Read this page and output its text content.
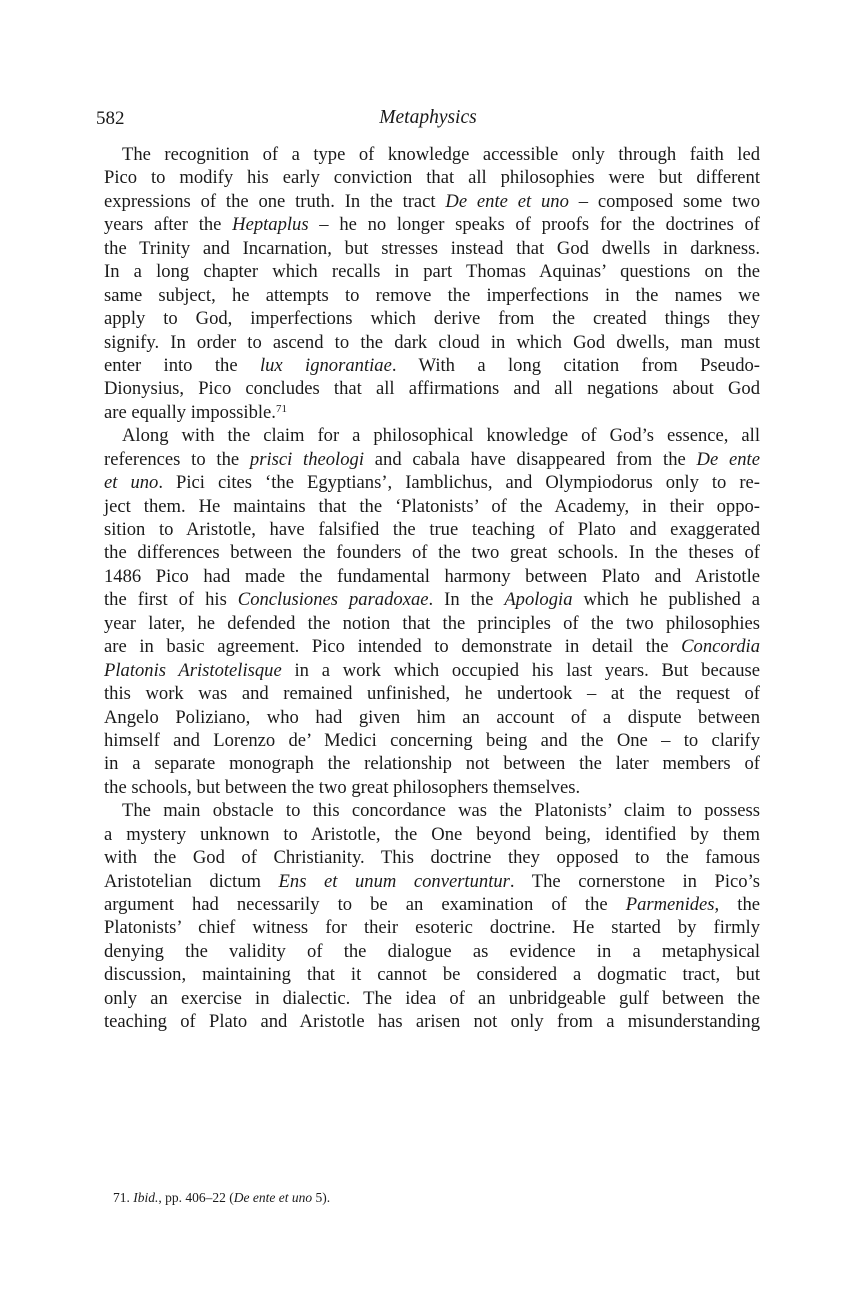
582	Metaphysics
The recognition of a type of knowledge accessible only through faith led
Pico to modify his early conviction that all philosophies were but different
expressions of the one truth. In the tract De ente et uno – composed some two
years after the Heptaplus – he no longer speaks of proofs for the doctrines of
the Trinity and Incarnation, but stresses instead that God dwells in darkness.
In a long chapter which recalls in part Thomas Aquinas’ questions on the
same subject, he attempts to remove the imperfections in the names we
apply to God, imperfections which derive from the created things they
signify. In order to ascend to the dark cloud in which God dwells, man must
enter into the lux ignorantiae. With a long citation from Pseudo-
Dionysius, Pico concludes that all affirmations and all negations about God
are equally impossible.$^{71}$
Along with the claim for a philosophical knowledge of God’s essence, all
references to the prisci theologi and cabala have disappeared from the De ente
et uno. Pici cites ‘the Egyptians’, Iamblichus, and Olympiodorus only to re-
ject them. He maintains that the ‘Platonists’ of the Academy, in their oppo-
sition to Aristotle, have falsified the true teaching of Plato and exaggerated
the differences between the founders of the two great schools. In the theses of
1486 Pico had made the fundamental harmony between Plato and Aristotle
the first of his Conclusiones paradoxae. In the Apologia which he published a
year later, he defended the notion that the principles of the two philosophies
are in basic agreement. Pico intended to demonstrate in detail the Concordia
Platonis Aristotelisque in a work which occupied his last years. But because
this work was and remained unfinished, he undertook – at the request of
Angelo Poliziano, who had given him an account of a dispute between
himself and Lorenzo de’ Medici concerning being and the One – to clarify
in a separate monograph the relationship not between the later members of
the schools, but between the two great philosophers themselves.
The main obstacle to this concordance was the Platonists’ claim to possess
a mystery unknown to Aristotle, the One beyond being, identified by them
with the God of Christianity. This doctrine they opposed to the famous
Aristotelian dictum Ens et unum convertuntur. The cornerstone in Pico’s
argument had necessarily to be an examination of the Parmenides, the
Platonists’ chief witness for their esoteric doctrine. He started by firmly
denying the validity of the dialogue as evidence in a metaphysical
discussion, maintaining that it cannot be considered a dogmatic tract, but
only an exercise in dialectic. The idea of an unbridgeable gulf between the
teaching of Plato and Aristotle has arisen not only from a misunderstanding
71. Ibid., pp. 406–22 (De ente et uno 5).
